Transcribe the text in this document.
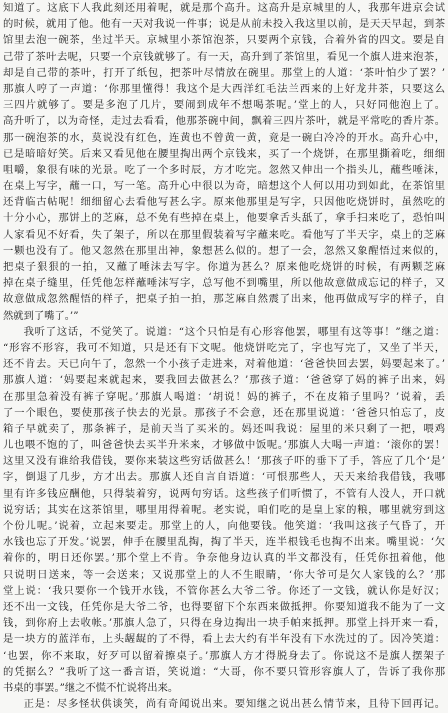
知道了。这底下人我此刻还用着呢，就是那个高升。这高升是京城里的人，我那年进京会试
的时候，就用了他。他有一天对我说一件事；说是从前未投入我这里以前，是天天早起，到茶
馆里去泡一碗茶，坐过半天。京城里小茶馆泡茶，只要两个京钱，合着外省的四文。要是自
己带了茶叶去呢，只要一个京钱就够了。有一天，高升到了茶馆里，看见一个旗人进来泡茶，
却是自己带的茶叶，打开了纸包，把茶叶尽情放在碗里。那堂上的人道：‘茶叶怕少了罢？’
那旗人哼了一声道：‘你那里懂得！我这个是大西洋红毛法兰西来的上好龙井茶，只要这么
三四片就够了。要是多泡了几片，要闹到成年不想喝茶呢。’堂上的人，只好同他泡上了。
高升听了，以为奇怪，走过去看看，他那茶碗中间，飘着三四片茶叶，就是平常吃的香片茶。
那一碗泡茶的水，莫说没有红色，连黄也不曾黄一黄，竟是一碗白冷冷的开水。高升心中，
已是暗暗好笑。后来又看见他在腰里掏出两个京钱来，买了一个烧饼，在那里撕着吃，细细
咀嚼，象很有味的光景。吃了一个多时辰，方才吃完。忽然又伸出一个指头儿，蘸些唾沫，
在桌上写字，蘸一口，写一笔。高升心中很以为奇，暗想这个人何以用功到如此，在茶馆里
还背临古帖呢！细细留心去看他写甚么字。原来他那里是写字，只因他吃烧饼时，虽然吃的
十分小心，那饼上的芝麻，总不免有些掉在桌上，他要拿舌头舐了，拿手扫来吃了，恐怕叫
人家看见不好看，失了架子，所以在那里假装着写字蘸来吃。看他写了半天字，桌上的芝麻
一颗也没有了。他又忽然在那里出神，象想甚么似的。想了一会，忽然又象醒悟过来似的，
把桌子狠狠的一拍，又蘸了唾沫去写字。你道为甚么？原来他吃烧饼的时候，有两颗芝麻
掉在桌子缝里，任凭他怎样蘸唾沫写字，总写他不到嘴里，所以他故意做成忘记的样子，又
故意做成忽然醒悟的样子，把桌子拍一拍，那芝麻自然震了出来，他再做成写字的样子，自
然就到了嘴了。’”
我听了这话，不觉笑了。说道：“这个只怕是有心形容他罢，哪里有这等事！”继之道：
“形容不形容，我可不知道，只是还有下文呢。他烧饼吃完了，字也写完了，又坐了半天，
还不肯去。天已向午了，忽然一个小孩子走进来，对着他道：‘爸爸快回去罢，妈要起来了。’
那旗人道：‘妈要起来就起来，要我回去做甚么？’那孩子道：‘爸爸穿了妈的裤子出来，妈
在那里急着没有裤子穿呢。’那旗人喝道：‘胡说！妈的裤子，不在皮箱子里吗？’说着，丢
了一个眼色，要使那孩子快去的光景。那孩子不会意，还在那里说道：‘爸爸只怕忘了，皮
箱子早就卖了，那条裤子，是前天当了买米的。妈还叫我说：屋里的米只剩了一把，喂鸡
儿也喂不饱的了，叫爸爸快去买半升米来，才够做中饭呢。’那旗人大喝一声道：‘滚你的罢！
这里又没有谁给我借钱，要你来装这些穷话做甚么！’那孩子吓的垂下了手，答应了几个‘是’
字，倒退了几步，方才出去。那旗人还自言自语道：‘可恨那些人，天天来给我借钱，我哪
里有许多钱应酬他，只得装着穷，说两句穷话。这些孩子们听惯了，不管有人没人，开口就
说穷话；其实在这茶馆里，哪里用得着呢。老实说，咱们吃的是皇上家的粮，哪里就穷到这
个份儿呢。’说着，立起来要走。那堂上的人，向他要钱。他笑道：‘我叫这孩子气昏了，开
水钱也忘了开发。’说罢，伸手在腰里乱掏，掏了半天，连半根钱毛也掏不出来。嘴里说：‘欠
着你的，明日还你罢。’那个堂上不肯。争奈他身边认真的半文都没有，任凭你扭着他，他
只说明日送来，等一会送来；又说那堂上的人不生眼睛，‘你大爷可是欠人家钱的么？’那
堂上说：‘我只要你一个钱开水钱，不管你甚么大爷二爷。你还了一文钱，就认你是好汉；
还不出一文钱，任凭你是大爷二爷，也得要留下个东西来做抵押。你要知道我不能为了一文
钱，到你府上去收帐。’那旗人急了，只得在身边掏出一块手帕来抵押。那堂上抖开来一看，
是一块方的蓝洋布，上头龌龊的了不得，看上去大约有半年没有下水洗过的了。因冷笑道：
‘也罢，你不来取，好歹可以留着擦桌子。’那旗人方才得脱身去了。你说这不是旗人摆架子
的凭据么？”我听了这一番言语，笑说道：“大哥，你不要只管形容旗人了，告诉了我你那
书桌的事罢。”继之不慌不忙说将出来。
正是：尽多怪状供谈笑，尚有奇闻说出来。要知继之说出甚么情节来，且待下回再记。
